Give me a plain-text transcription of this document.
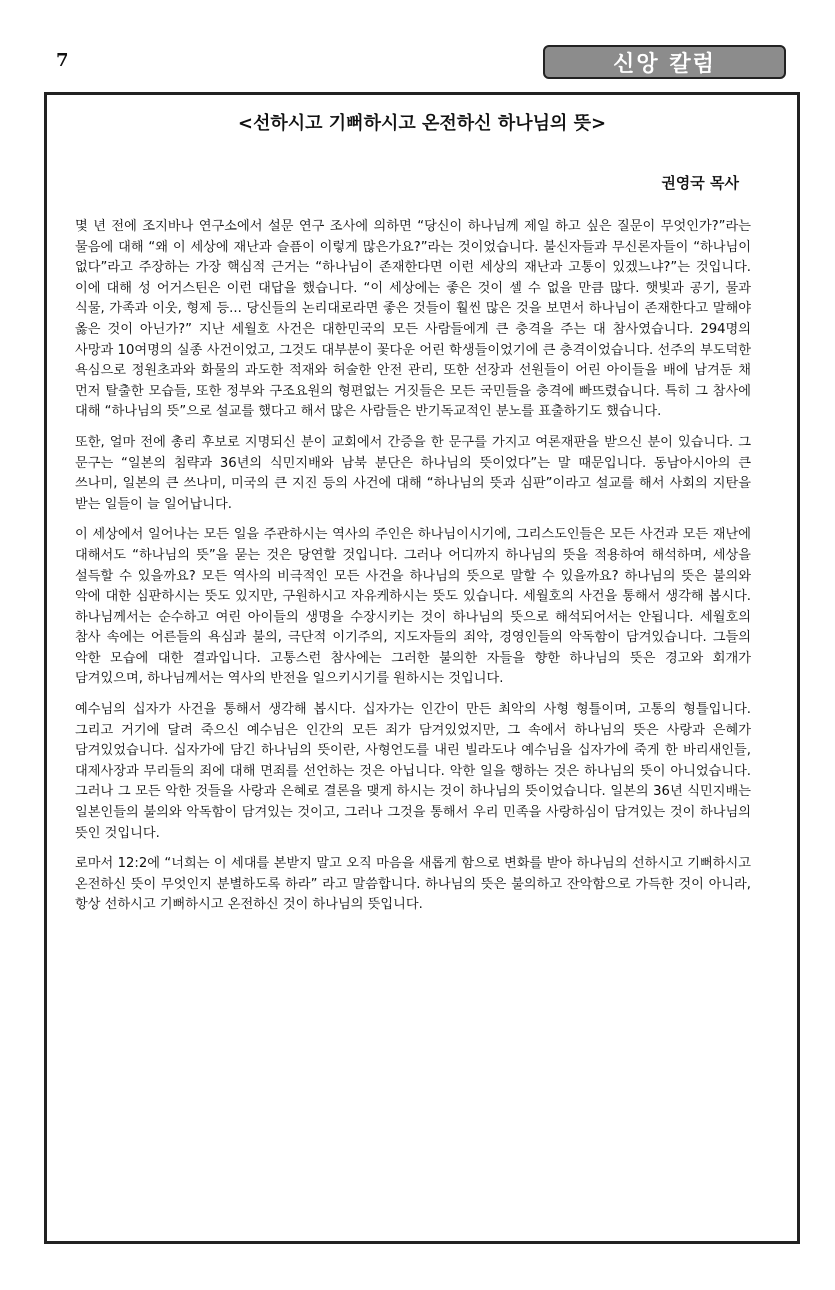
7	신앙 칼럼
<선하시고 기뻐하시고 온전하신 하나님의 뜻>
권영국 목사

몇 년 전에 조지바나 연구소에서 설문 연구 조사에 의하면 “당신이 하나님께 제일 하고 싶은 질문이 무엇인가?”라는 물음에 대해 “왜 이 세상에 재난과 슬픔이 이렇게 많은가요?”라는 것이었습니다. 불신자들과 무신론자들이 “하나님이 없다”라고 주장하는 가장 핵심적 근거는 “하나님이 존재한다면 이런 세상의 재난과 고통이 있겠느냐?”는 것입니다. 이에 대해 성 어거스틴은 이런 대답을 했습니다. “이 세상에는 좋은 것이 셀 수 없을 만큼 많다. 햇빛과 공기, 물과 식물, 가족과 이웃, 형제 등... 당신들의 논리대로라면 좋은 것들이 훨씬 많은 것을 보면서 하나님이 존재한다고 말해야 옳은 것이 아닌가?” 지난 세월호 사건은 대한민국의 모든 사람들에게 큰 충격을 주는 대 참사였습니다. 294명의 사망과 10여명의 실종 사건이었고, 그것도 대부분이 꽃다운 어린 학생들이었기에 큰 충격이었습니다. 선주의 부도덕한 욕심으로 정원초과와 화물의 과도한 적재와 허술한 안전 관리, 또한 선장과 선원들이 어린 아이들을 배에 남겨둔 채 먼저 탈출한 모습들, 또한 정부와 구조요원의 형편없는 거짓들은 모든 국민들을 충격에 빠뜨렸습니다. 특히 그 참사에 대해 “하나님의 뜻”으로 설교를 했다고 해서 많은 사람들은 반기독교적인 분노를 표출하기도 했습니다.

또한, 얼마 전에 총리 후보로 지명되신 분이 교회에서 간증을 한 문구를 가지고 여론재판을 받으신 분이 있습니다. 그 문구는 “일본의 침략과 36년의 식민지배와 남북 분단은 하나님의 뜻이었다”는 말 때문입니다. 동남아시아의 큰 쓰나미, 일본의 큰 쓰나미, 미국의 큰 지진 등의 사건에 대해 “하나님의 뜻과 심판”이라고 설교를 해서 사회의 지탄을 받는 일들이 늘 일어납니다.

이 세상에서 일어나는 모든 일을 주관하시는 역사의 주인은 하나님이시기에, 그리스도인들은 모든 사건과 모든 재난에 대해서도 “하나님의 뜻”을 묻는 것은 당연할 것입니다. 그러나 어디까지 하나님의 뜻을 적용하여 해석하며, 세상을 설득할 수 있을까요? 모든 역사의 비극적인 모든 사건을 하나님의 뜻으로 말할 수 있을까요? 하나님의 뜻은 불의와 악에 대한 심판하시는 뜻도 있지만, 구원하시고 자유케하시는 뜻도 있습니다. 세월호의 사건을 통해서 생각해 봅시다. 하나님께서는 순수하고 여린 아이들의 생명을 수장시키는 것이 하나님의 뜻으로 해석되어서는 안됩니다. 세월호의 참사 속에는 어른들의 욕심과 불의, 극단적 이기주의, 지도자들의 죄악, 경영인들의 악독함이 담겨있습니다. 그들의 악한 모습에 대한 결과입니다. 고통스런 참사에는 그러한 불의한 자들을 향한 하나님의 뜻은 경고와 회개가 담겨있으며, 하나님께서는 역사의 반전을 일으키시기를 원하시는 것입니다.

예수님의 십자가 사건을 통해서 생각해 봅시다. 십자가는 인간이 만든 최악의 사형 형틀이며, 고통의 형틀입니다. 그리고 거기에 달려 죽으신 예수님은 인간의 모든 죄가 담겨있었지만, 그 속에서 하나님의 뜻은 사랑과 은혜가 담겨있었습니다. 십자가에 담긴 하나님의 뜻이란, 사형언도를 내린 빌라도나 예수님을 십자가에 죽게 한 바리새인들, 대제사장과 무리들의 죄에 대해 면죄를 선언하는 것은 아닙니다. 악한 일을 행하는 것은 하나님의 뜻이 아니었습니다. 그러나 그 모든 악한 것들을 사랑과 은혜로 결론을 맺게 하시는 것이 하나님의 뜻이었습니다. 일본의 36년 식민지배는 일본인들의 불의와 악독함이 담겨있는 것이고, 그러나 그것을 통해서 우리 민족을 사랑하심이 담겨있는 것이 하나님의 뜻인 것입니다.

로마서 12:2에 “너희는 이 세대를 본받지 말고 오직 마음을 새롭게 함으로 변화를 받아 하나님의 선하시고 기뻐하시고 온전하신 뜻이 무엇인지 분별하도록 하라” 라고 말씀합니다. 하나님의 뜻은 불의하고 잔악함으로 가득한 것이 아니라, 항상 선하시고 기뻐하시고 온전하신 것이 하나님의 뜻입니다.
